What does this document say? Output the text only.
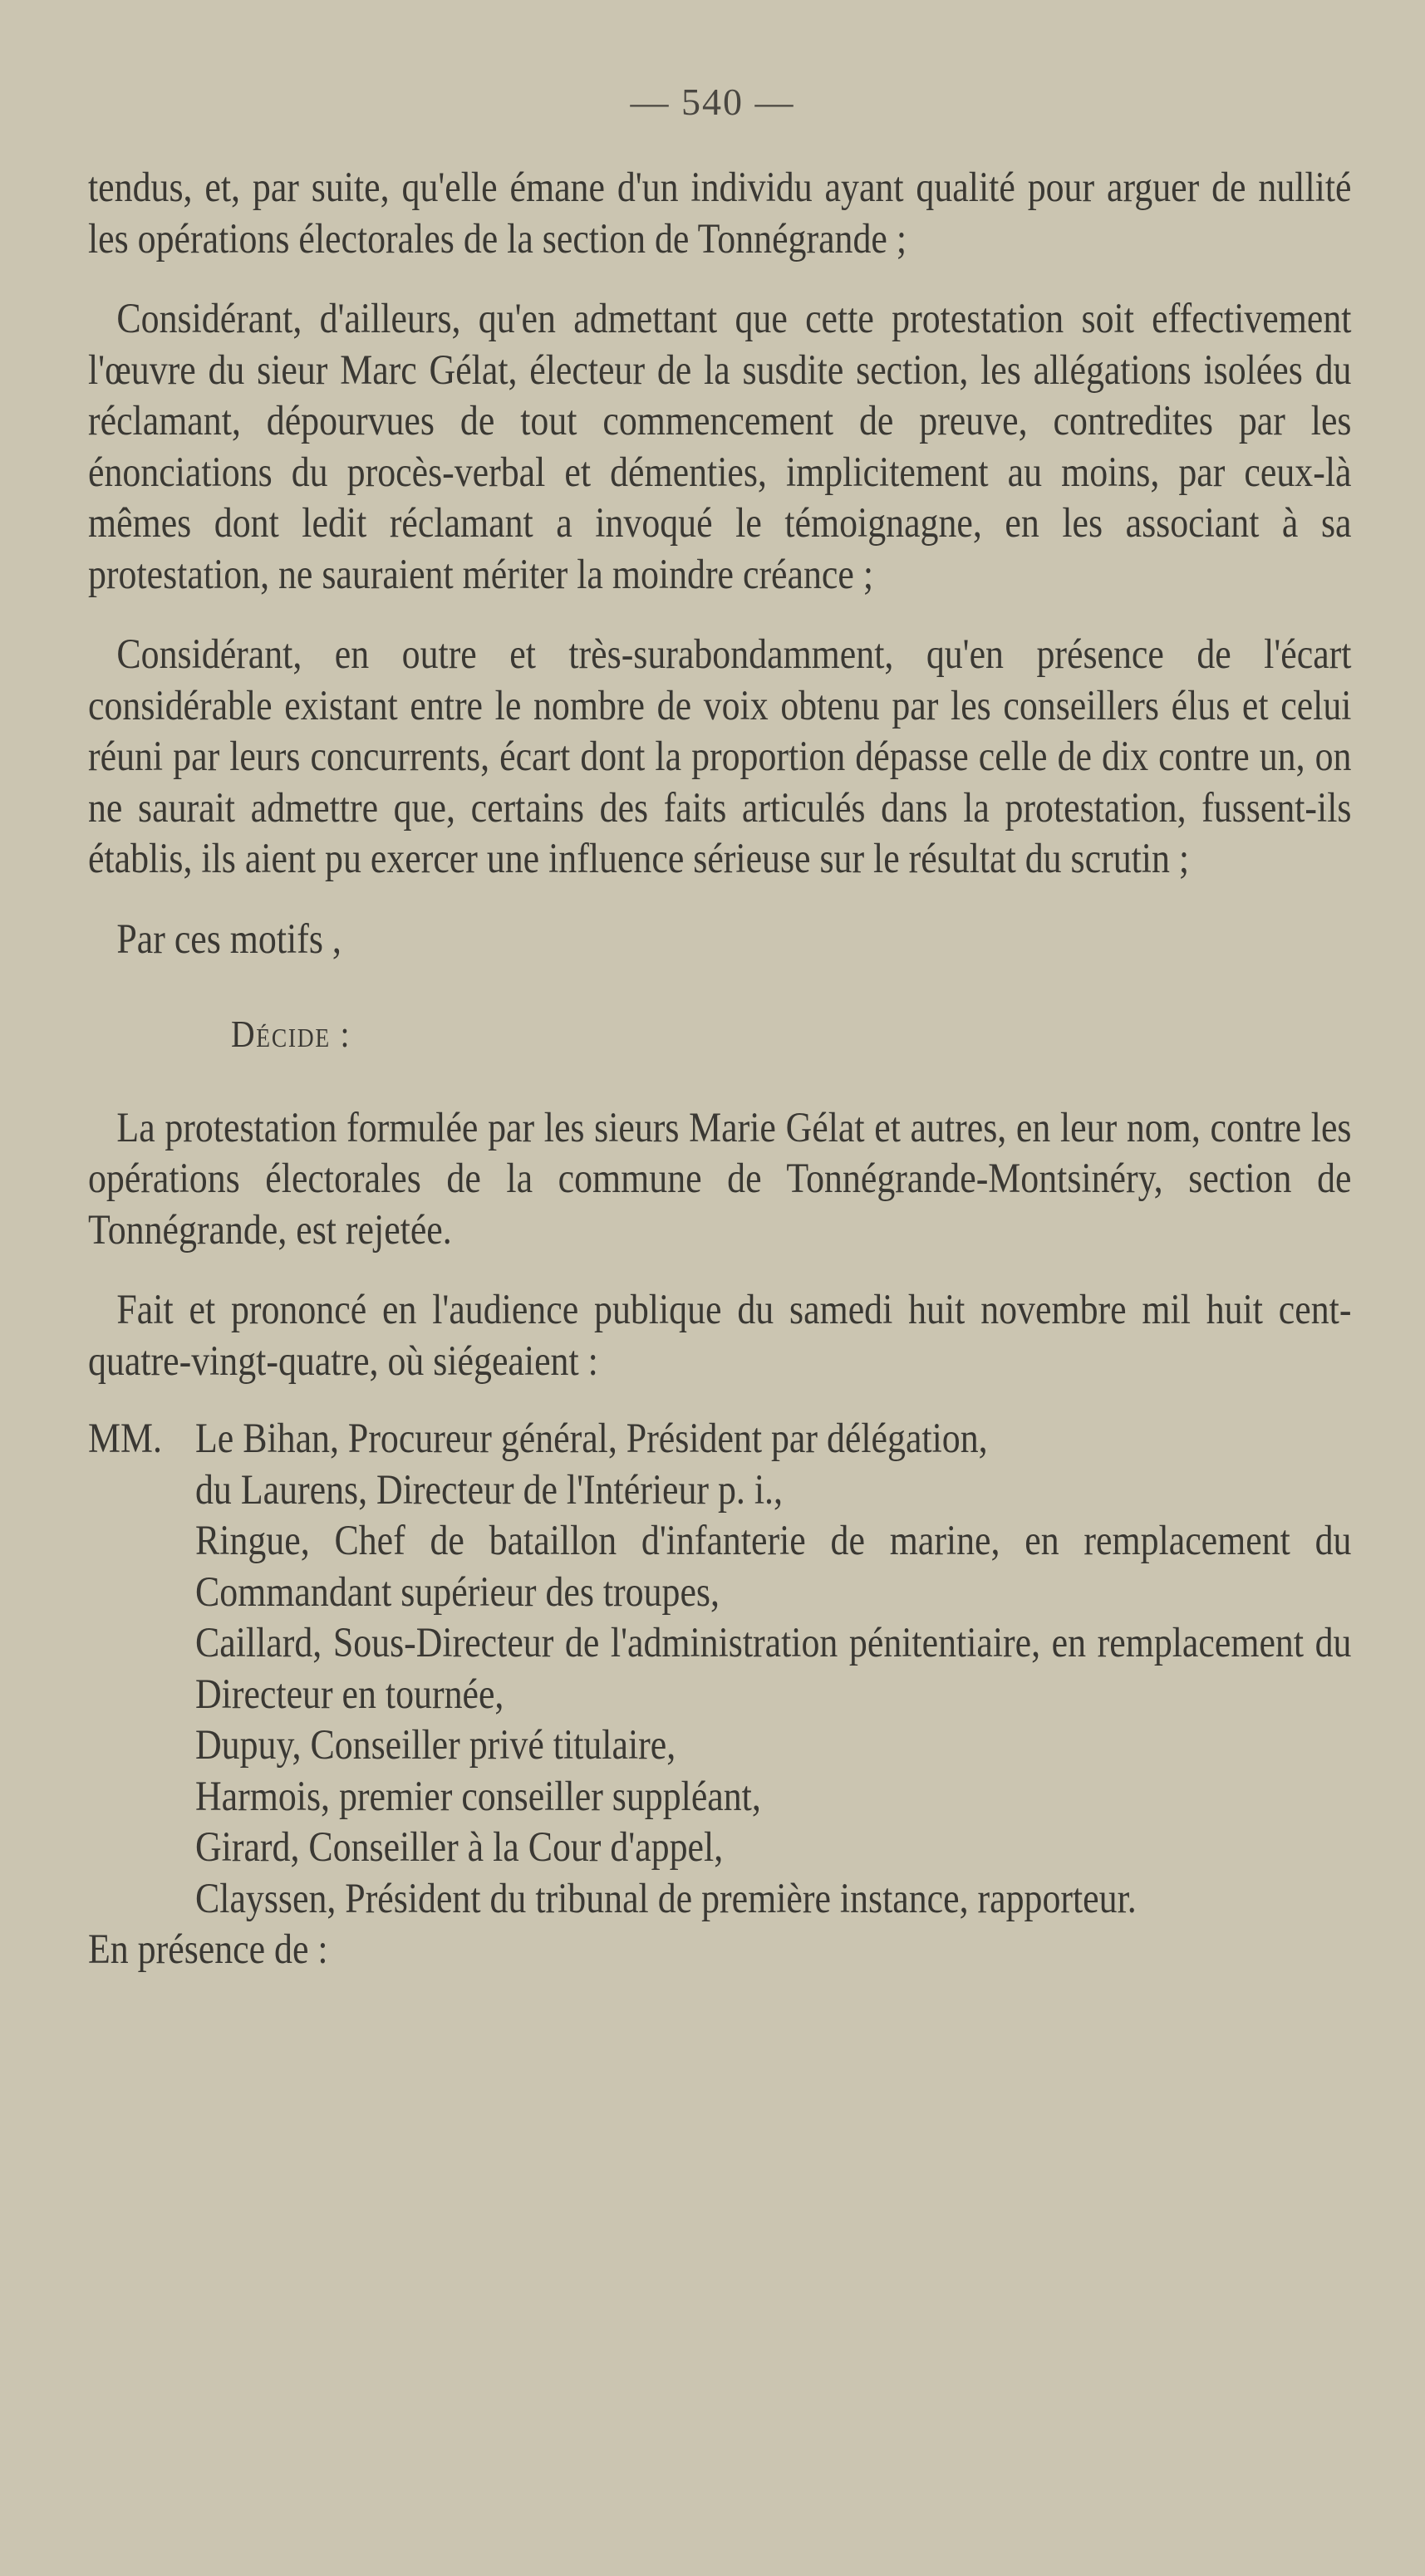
— 540 —

tendus, et, par suite, qu'elle émane d'un individu ayant qualité pour arguer de nullité les opérations électorales de la section de Tonnégrande ;

Considérant, d'ailleurs, qu'en admettant que cette protestation soit effectivement l'œuvre du sieur Marc Gélat, électeur de la susdite section, les allégations isolées du réclamant, dépourvues de tout commencement de preuve, contredites par les énonciations du procès-verbal et démenties, implicitement au moins, par ceux-là mêmes dont ledit réclamant a invoqué le témoignagne, en les associant à sa protestation, ne sauraient mériter la moindre créance ;

Considérant, en outre et très-surabondamment, qu'en présence de l'écart considérable existant entre le nombre de voix obtenu par les conseillers élus et celui réuni par leurs concurrents, écart dont la proportion dépasse celle de dix contre un, on ne saurait admettre que, certains des faits articulés dans la protestation, fussent-ils établis, ils aient pu exercer une influence sérieuse sur le résultat du scrutin ;

Par ces motifs ,

Décide :

La protestation formulée par les sieurs Marie Gélat et autres, en leur nom, contre les opérations électorales de la commune de Tonnégrande-Montsinéry, section de Tonnégrande, est rejetée.

Fait et prononcé en l'audience publique du samedi huit novembre mil huit cent-quatre-vingt-quatre, où siégeaient :

MM. Le Bihan, Procureur général, Président par délégation,

du Laurens, Directeur de l'Intérieur p. i.,

Ringue, Chef de bataillon d'infanterie de marine, en remplacement du Commandant supérieur des troupes,

Caillard, Sous-Directeur de l'administration pénitentiaire, en remplacement du Directeur en tournée,

Dupuy, Conseiller privé titulaire,

Harmois, premier conseiller suppléant,

Girard, Conseiller à la Cour d'appel,

Clayssen, Président du tribunal de première instance, rapporteur.

En présence de :
